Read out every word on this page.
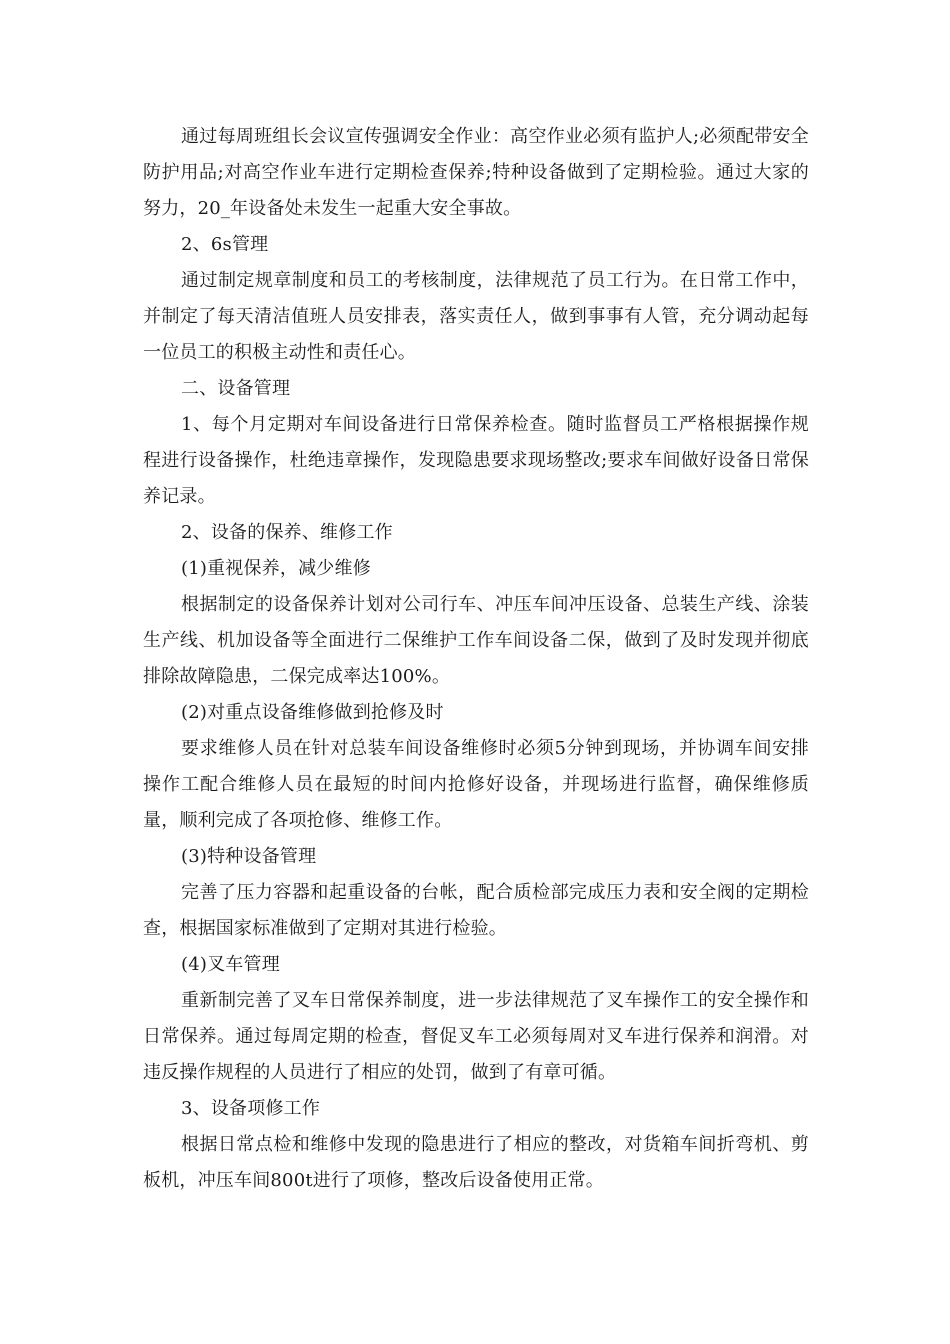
通过每周班组长会议宣传强调安全作业：高空作业必须有监护人;必须配带安全防护用品;对高空作业车进行定期检查保养;特种设备做到了定期检验。通过大家的努力，20_年设备处未发生一起重大安全事故。

2、6s管理

通过制定规章制度和员工的考核制度，法律规范了员工行为。在日常工作中，并制定了每天清洁值班人员安排表，落实责任人，做到事事有人管，充分调动起每一位员工的积极主动性和责任心。

二、设备管理

1、每个月定期对车间设备进行日常保养检查。随时监督员工严格根据操作规程进行设备操作，杜绝违章操作，发现隐患要求现场整改;要求车间做好设备日常保养记录。

2、设备的保养、维修工作

(1)重视保养，减少维修

根据制定的设备保养计划对公司行车、冲压车间冲压设备、总装生产线、涂装生产线、机加设备等全面进行二保维护工作车间设备二保，做到了及时发现并彻底排除故障隐患，二保完成率达100%。

(2)对重点设备维修做到抢修及时

要求维修人员在针对总装车间设备维修时必须5分钟到现场，并协调车间安排操作工配合维修人员在最短的时间内抢修好设备，并现场进行监督，确保维修质量，顺利完成了各项抢修、维修工作。

(3)特种设备管理

完善了压力容器和起重设备的台帐，配合质检部完成压力表和安全阀的定期检查，根据国家标准做到了定期对其进行检验。

(4)叉车管理

重新制完善了叉车日常保养制度，进一步法律规范了叉车操作工的安全操作和日常保养。通过每周定期的检查，督促叉车工必须每周对叉车进行保养和润滑。对违反操作规程的人员进行了相应的处罚，做到了有章可循。

3、设备项修工作

根据日常点检和维修中发现的隐患进行了相应的整改，对货箱车间折弯机、剪板机，冲压车间800t进行了项修，整改后设备使用正常。
